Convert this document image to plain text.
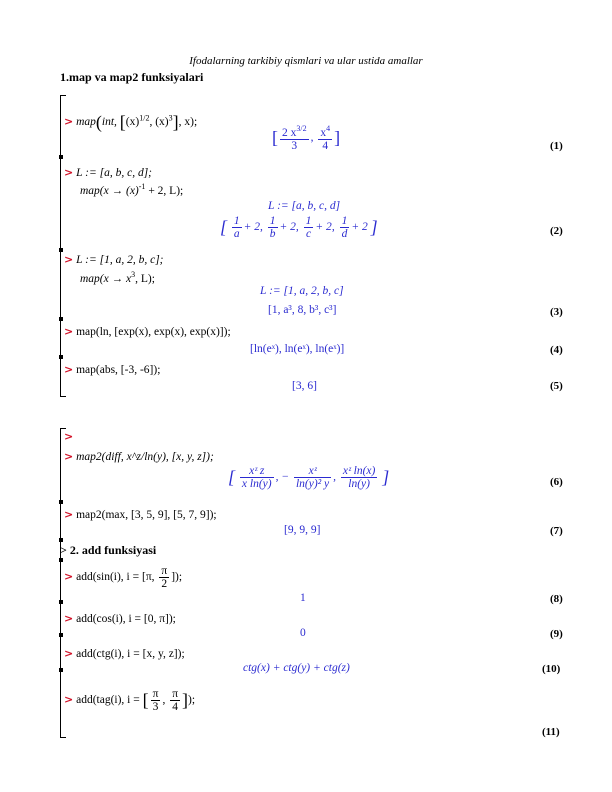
Ifodalarning tarkibiy qismlari va ular ustida amallar
1.map va map2 funksiyalari
> map(int, [$(x)^{1/2}$, $(x)^3$], x);
[ $\frac{2 x^{3/2}}{3}$ , $\frac{x^4}{4}$ ]	(1)
> L := [a, b, c, d];
$map(x \to (x)^{-1} + 2$, L);
L := [a, b, c, d]
[ $\frac{1}{a} + 2$, $\frac{1}{b} + 2$, $\frac{1}{c} + 2$, $\frac{1}{d} + 2$ ]	(2)
> L := [1, a, 2, b, c];
$map(x \to x^3$, L);
L := [1, a, 2, b, c]
[1, a³, 8, b³, c³]	(3)
> map(ln, [exp(x), exp(x), exp(x)]);
[ln(eˣ), ln(eˣ), ln(eˣ)]	(4)
> map(abs, [-3, -6]);
[3, 6]	(5)
>
> map2(diff, x^z/ln(y), [x, y, z]);
[ $\frac{\text{xᶻ z}}{\text{x ln(y)}}$ , − $\frac{\text{xᶻ}}{\text{ln(y)² y}}$ , $\frac{\text{xᶻ ln(x)}}{\ln(y)}$ ]	(6)
> map2(max, [3, 5, 9], [5, 7, 9]);
[9, 9, 9]	(7)
> 2. add funksiyasi
> add(sin(i), i = [π, $\frac{\pi}{2}$ ]);
1	(8)
> add(cos(i), i = [0, π]);
0	(9)
> add(ctg(i), i = [x, y, z]);
ctg(x) + ctg(y) + ctg(z)	(10)
> add(tag(i), i = [ $\frac{\pi}{3}$ , $\frac{\pi}{4}$ ]);
(11)
